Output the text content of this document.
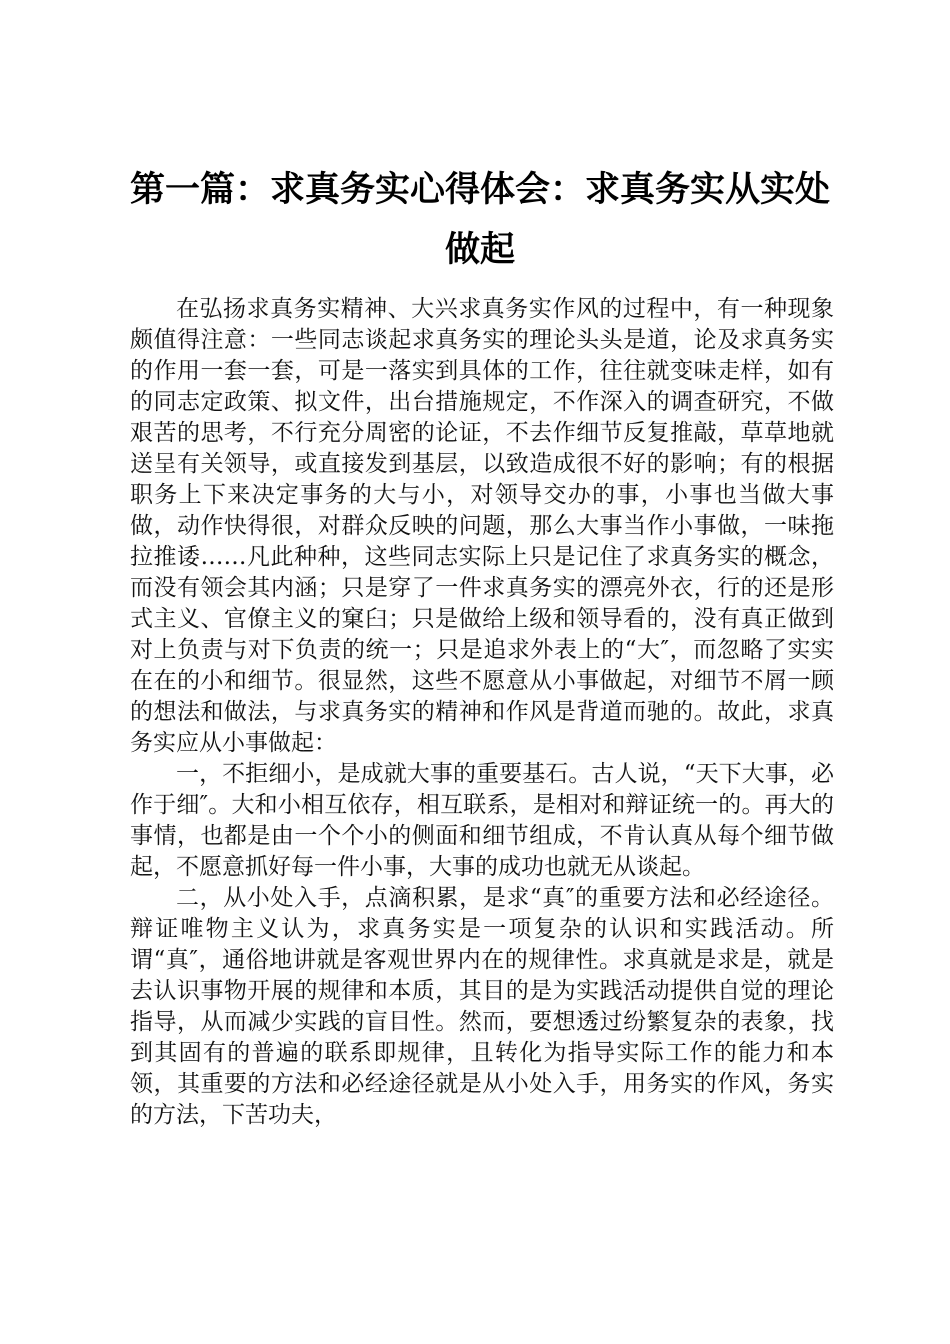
第一篇：求真务实心得体会：求真务实从实处做起

在弘扬求真务实精神、大兴求真务实作风的过程中，有一种现象颇值得注意：一些同志谈起求真务实的理论头头是道，论及求真务实的作用一套一套，可是一落实到具体的工作，往往就变味走样，如有的同志定政策、拟文件，出台措施规定，不作深入的调查研究，不做艰苦的思考，不行充分周密的论证，不去作细节反复推敲，草草地就送呈有关领导，或直接发到基层，以致造成很不好的影响；有的根据职务上下来决定事务的大与小，对领导交办的事，小事也当做大事做，动作快得很，对群众反映的问题，那么大事当作小事做，一味拖拉推诿……凡此种种，这些同志实际上只是记住了求真务实的概念，而没有领会其内涵；只是穿了一件求真务实的漂亮外衣，行的还是形式主义、官僚主义的窠臼；只是做给上级和领导看的，没有真正做到对上负责与对下负责的统一；只是追求外表上的“大″，而忽略了实实在在的小和细节。很显然，这些不愿意从小事做起，对细节不屑一顾的想法和做法，与求真务实的精神和作风是背道而驰的。故此，求真务实应从小事做起：

一，不拒细小，是成就大事的重要基石。古人说，“天下大事，必作于细″。大和小相互依存，相互联系，是相对和辩证统一的。再大的事情，也都是由一个个小的侧面和细节组成，不肯认真从每个细节做起，不愿意抓好每一件小事，大事的成功也就无从谈起。

二，从小处入手，点滴积累，是求“真″的重要方法和必经途径。辩证唯物主义认为，求真务实是一项复杂的认识和实践活动。所谓“真″，通俗地讲就是客观世界内在的规律性。求真就是求是，就是去认识事物开展的规律和本质，其目的是为实践活动提供自觉的理论指导，从而减少实践的盲目性。然而，要想透过纷繁复杂的表象，找到其固有的普遍的联系即规律，且转化为指导实际工作的能力和本领，其重要的方法和必经途径就是从小处入手，用务实的作风，务实的方法，下苦功夫，
